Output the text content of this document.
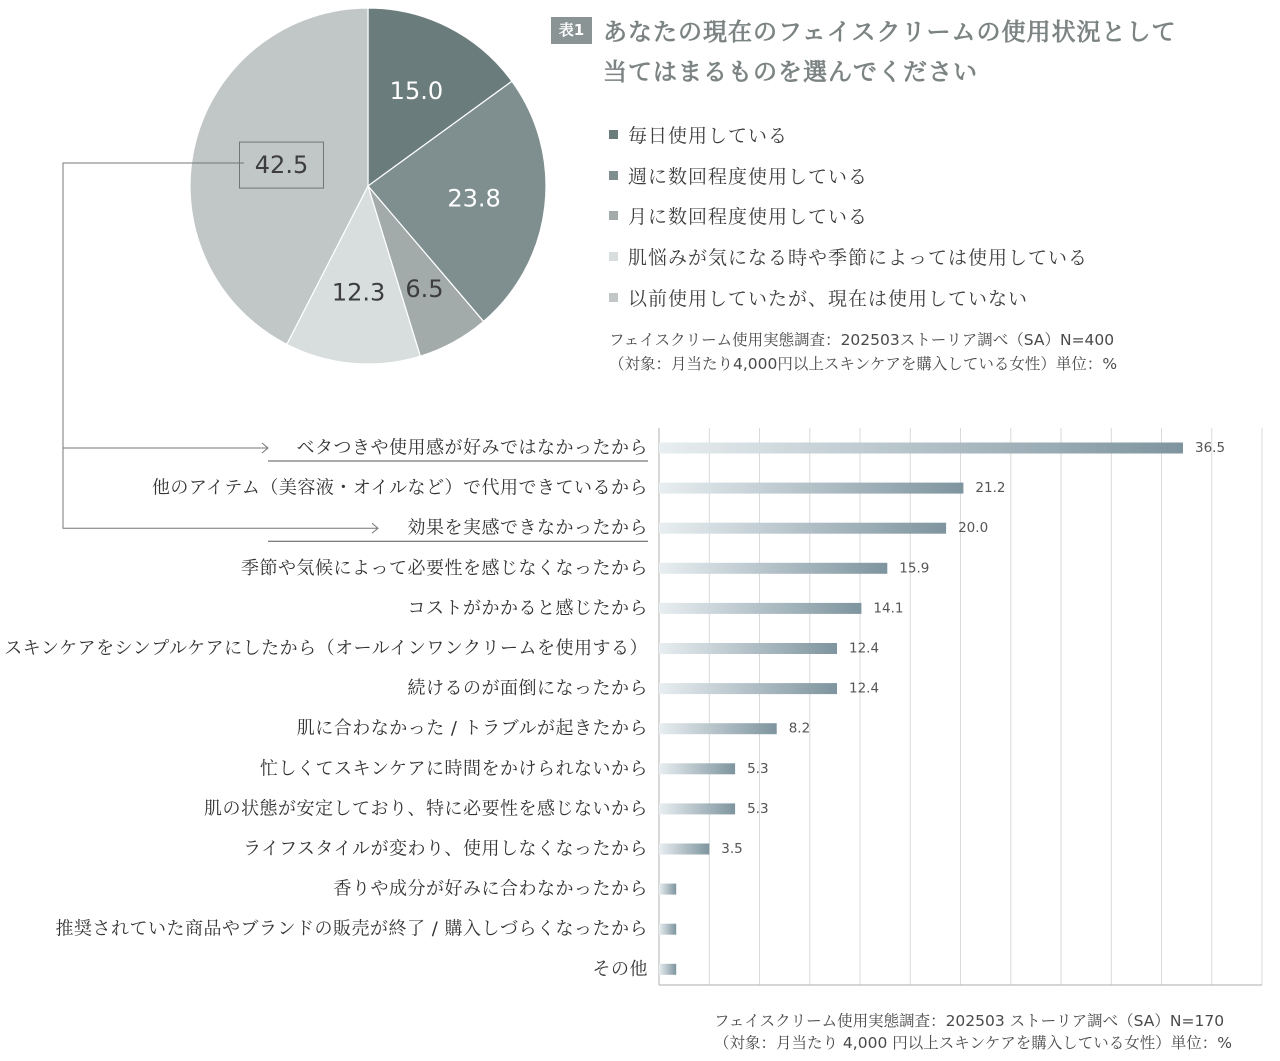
15.0
23.8
6.5
12.3
42.5
表1 あなたの現在のフェイスクリームの使用状況として
当てはまるものを選んでください
毎日使用している
週に数回程度使用している
月に数回程度使用している
肌悩みが気になる時や季節によっては使用している
以前使用していたが、現在は使用していない
フェイスクリーム使用実態調査：202503ストーリア調べ（SA）N=400
（対象：月当たり4,000円以上スキンケアを購入している女性）単位：%
36.5
ベタつきや使用感が好みではなかったから
21.2
他のアイテム（美容液・オイルなど）で代用できているから
20.0
効果を実感できなかったから
15.9
季節や気候によって必要性を感じなくなったから
14.1
コストがかかると感じたから
12.4
スキンケアをシンプルケアにしたから（オールインワンクリームを使用する）
12.4
続けるのが面倒になったから
8.2
肌に合わなかった / トラブルが起きたから
5.3
忙しくてスキンケアに時間をかけられないから
5.3
肌の状態が安定しており、特に必要性を感じないから
3.5
ライフスタイルが変わり、使用しなくなったから
香りや成分が好みに合わなかったから
推奨されていた商品やブランドの販売が終了 / 購入しづらくなったから
その他
フェイスクリーム使用実態調査：202503 ストーリア調べ（SA）N=170
（対象：月当たり 4,000 円以上スキンケアを購入している女性）単位：%
